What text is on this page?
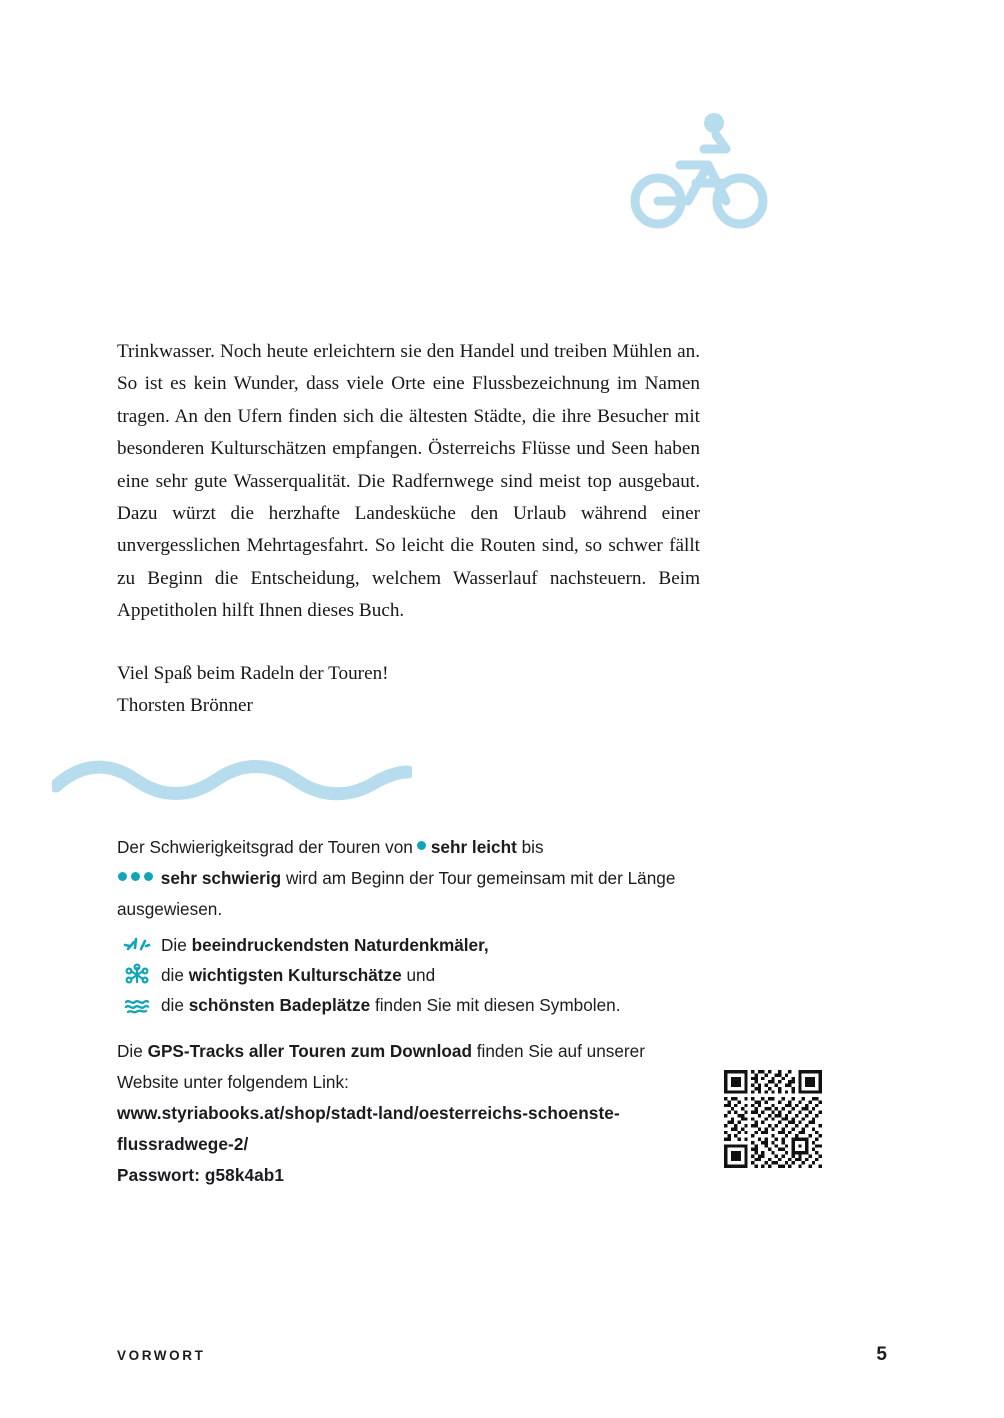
Trinkwasser. Noch heute erleichtern sie den Handel und treiben Mühlen an. So ist es kein Wunder, dass viele Orte eine Flussbezeichnung im Namen tragen. An den Ufern finden sich die ältesten Städte, die ihre Besucher mit besonderen Kulturschätzen empfangen. Österreichs Flüsse und Seen haben eine sehr gute Wasserqualität. Die Radfernwege sind meist top ausgebaut. Dazu würzt die herzhafte Landesküche den Urlaub während einer unvergesslichen Mehrtagesfahrt. So leicht die Routen sind, so schwer fällt zu Beginn die Entscheidung, welchem Wasserlauf nachsteuern. Beim Appetitholen hilft Ihnen dieses Buch.

Viel Spaß beim Radeln der Touren!
Thorsten Brönner

Der Schwierigkeitsgrad der Touren von sehr leicht bis
sehr schwierig wird am Beginn der Tour gemeinsam mit der Länge ausgewiesen.

Die beeindruckendsten Naturdenkmäler,
die wichtigsten Kulturschätze und
die schönsten Badeplätze finden Sie mit diesen Symbolen.
Die GPS-Tracks aller Touren zum Download finden Sie auf unserer
Website unter folgendem Link:
www.styriabooks.at/shop/stadt-land/oesterreichs-schoenste-
flussradwege-2/
Passwort: g58k4ab1
VORWORT	5
